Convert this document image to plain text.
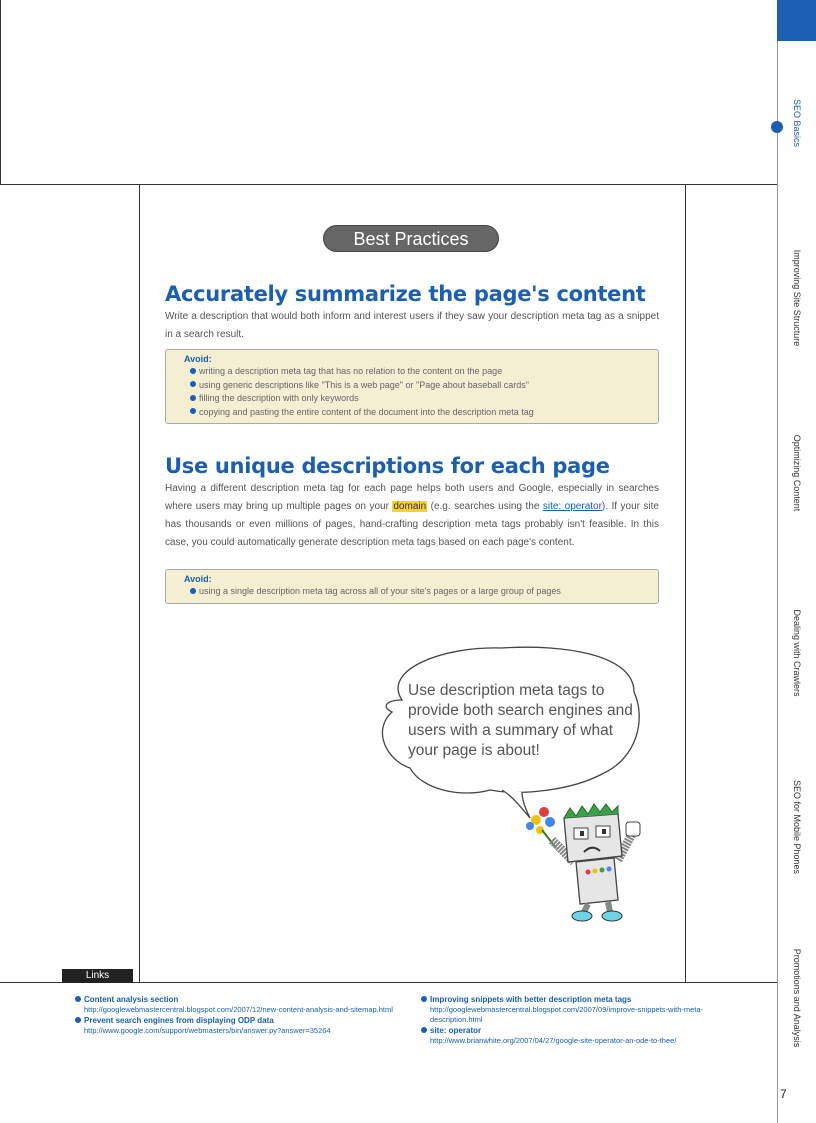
SEO Basics
Improving Site Structure
Optimizing Content
Dealing with Crawlers
SEO for Mobile Phones
Promotions and Analysis
7
Best Practices
Accurately summarize the page's content

Write a description that would both inform and interest users if they saw your description meta tag as a snippet in a search result.

Avoid:
writing a description meta tag that has no relation to the content on the page
using generic descriptions like "This is a web page" or "Page about baseball cards"
filling the description with only keywords
copying and pasting the entire content of the document into the description meta tag
Use unique descriptions for each page

Having a different description meta tag for each page helps both users and Google, especially in searches where users may bring up multiple pages on your domain (e.g. searches using the site: operator). If your site has thousands or even millions of pages, hand-crafting description meta tags probably isn't feasible. In this case, you could automatically generate description meta tags based on each page's content.

Avoid:
using a single description meta tag across all of your site's pages or a large group of pages
Use description meta tags to provide both search engines and users with a summary of what your page is about!
Links
Content analysis section
http://googlewebmastercentral.blogspot.com/2007/12/new-content-analysis-and-sitemap.html
Prevent search engines from displaying ODP data
http://www.google.com/support/webmasters/bin/answer.py?answer=35264
Improving snippets with better description meta tags
http://googlewebmastercentral.blogspot.com/2007/09/improve-snippets-with-meta-description.html
site: operator
http://www.brianwhite.org/2007/04/27/google-site-operator-an-ode-to-thee/
